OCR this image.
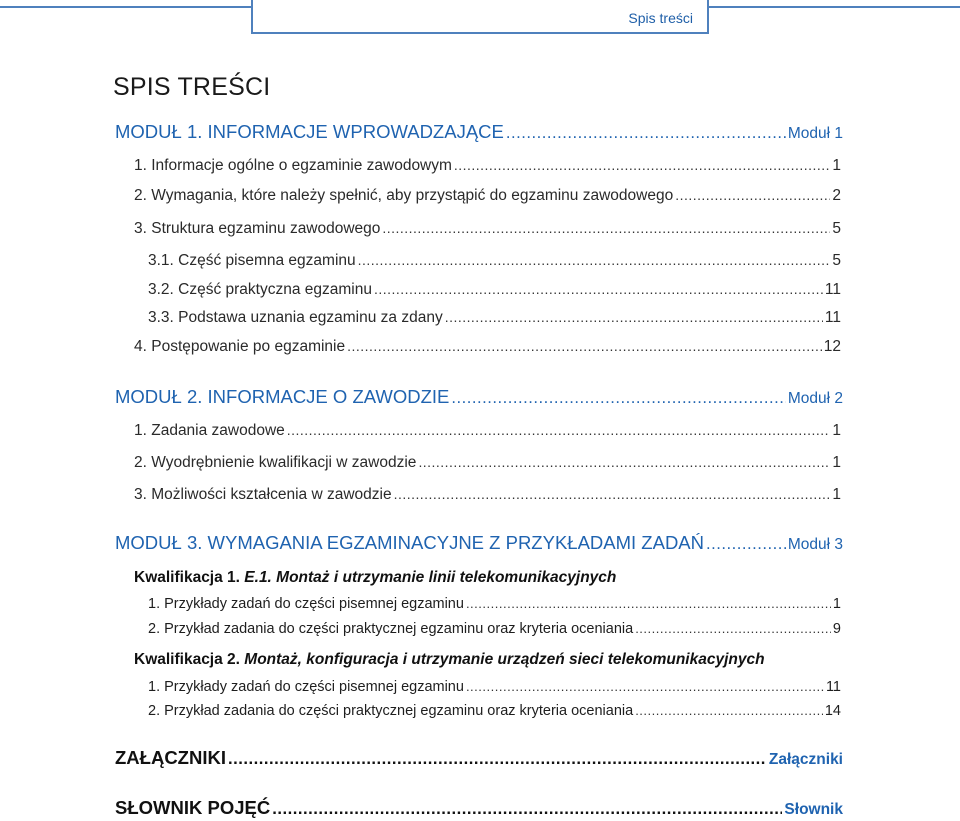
Spis treści
SPIS TREŚCI
MODUŁ 1. INFORMACJE WPROWADZAJĄCE .....	Moduł 1
1. Informacje ogólne o egzaminie zawodowym .....	1
2. Wymagania, które należy spełnić, aby przystąpić do egzaminu zawodowego .....	2
3. Struktura egzaminu zawodowego .....	5
3.1. Część pisemna egzaminu .....	5
3.2. Część praktyczna egzaminu .....	11
3.3. Podstawa uznania egzaminu za zdany .....	11
4. Postępowanie po egzaminie .....	12
MODUŁ 2. INFORMACJE O ZAWODZIE .....	Moduł 2
1. Zadania zawodowe .....	1
2. Wyodrębnienie kwalifikacji w zawodzie .....	1
3. Możliwości kształcenia w zawodzie .....	1
MODUŁ 3. WYMAGANIA EGZAMINACYJNE Z PRZYKŁADAMI ZADAŃ .....	Moduł 3
Kwalifikacja 1. E.1. Montaż i utrzymanie linii telekomunikacyjnych
1. Przykłady zadań do części pisemnej egzaminu .....	1
2. Przykład zadania do części praktycznej egzaminu oraz kryteria oceniania .....	9
Kwalifikacja 2. Montaż, konfiguracja i utrzymanie urządzeń sieci telekomunikacyjnych
1. Przykłady zadań do części pisemnej egzaminu .....	11
2. Przykład zadania do części praktycznej egzaminu oraz kryteria oceniania .....	14
ZAŁĄCZNIKI .....	Załączniki
SŁOWNIK POJĘĆ .....	Słownik
